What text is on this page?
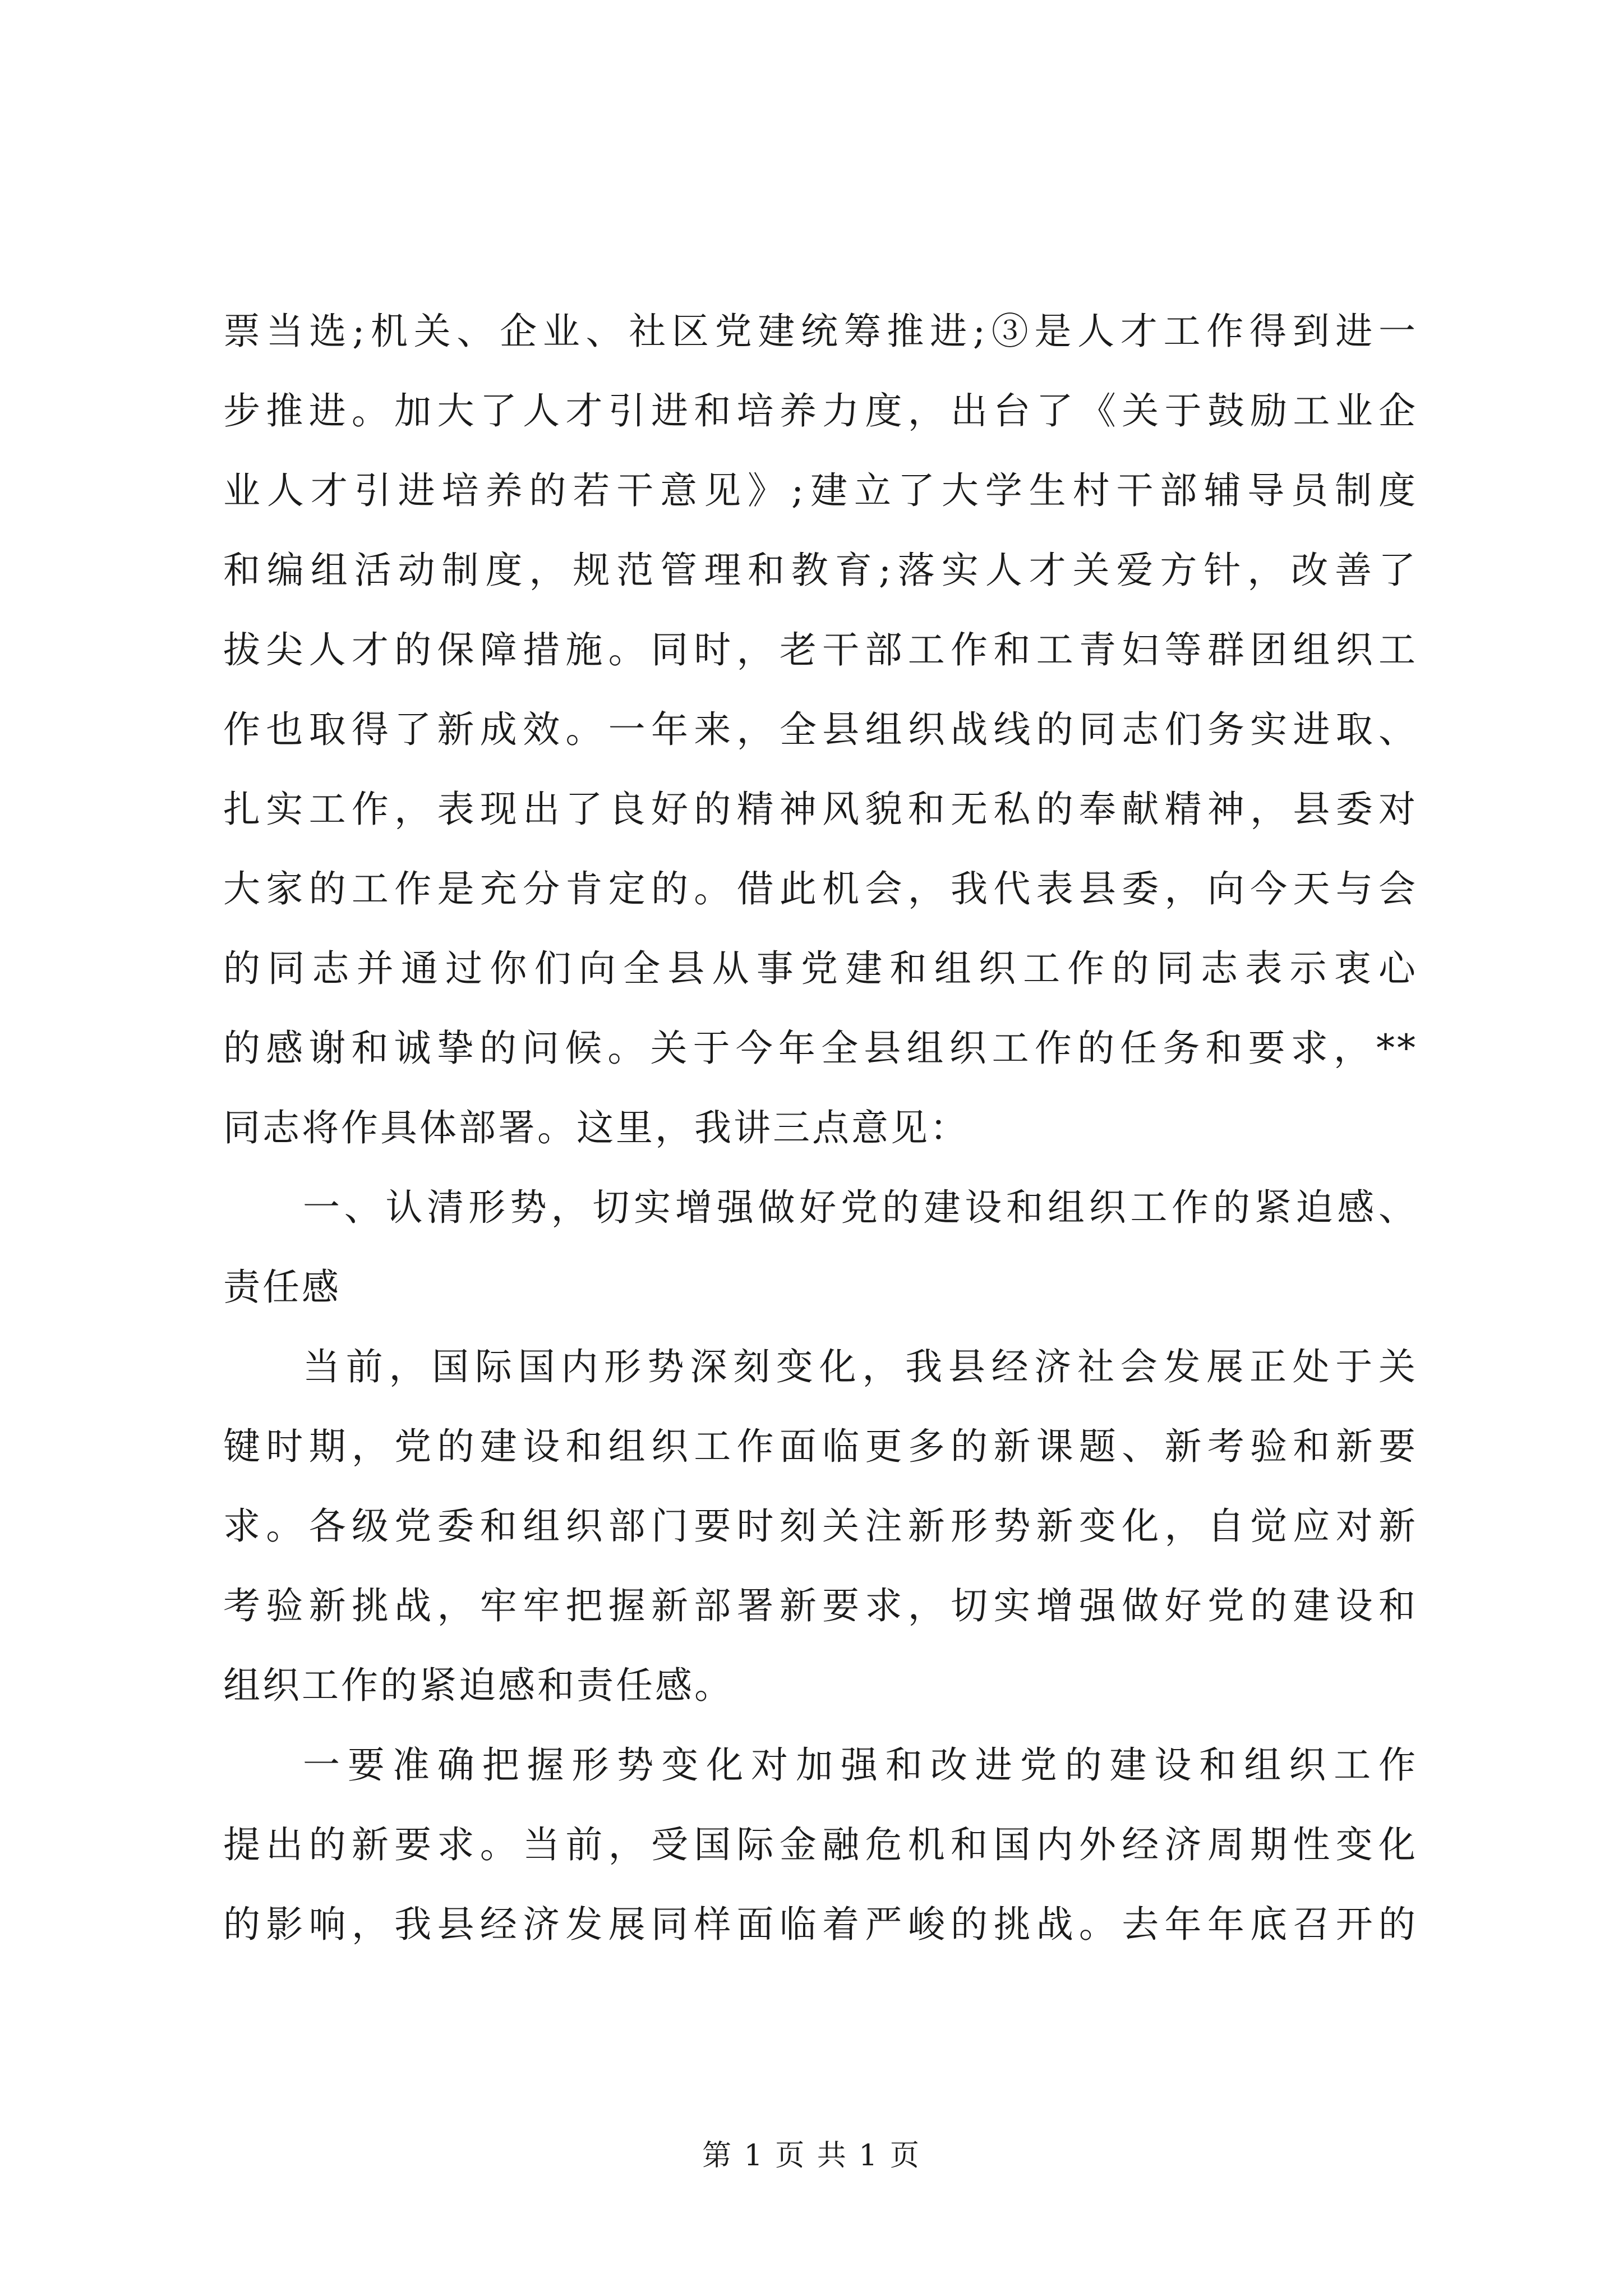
票当选;机关、企业、社区党建统筹推进;③是人才工作得到进一
步推进。加大了人才引进和培养力度，出台了《关于鼓励工业企
业人才引进培养的若干意见》;建立了大学生村干部辅导员制度
和编组活动制度，规范管理和教育;落实人才关爱方针，改善了
拔尖人才的保障措施。同时，老干部工作和工青妇等群团组织工
作也取得了新成效。一年来，全县组织战线的同志们务实进取、
扎实工作，表现出了良好的精神风貌和无私的奉献精神，县委对
大家的工作是充分肯定的。借此机会，我代表县委，向今天与会
的同志并通过你们向全县从事党建和组织工作的同志表示衷心
的感谢和诚挚的问候。关于今年全县组织工作的任务和要求，**
同志将作具体部署。这里，我讲三点意见：
一、认清形势，切实增强做好党的建设和组织工作的紧迫感、
责任感
当前，国际国内形势深刻变化，我县经济社会发展正处于关
键时期，党的建设和组织工作面临更多的新课题、新考验和新要
求。各级党委和组织部门要时刻关注新形势新变化，自觉应对新
考验新挑战，牢牢把握新部署新要求，切实增强做好党的建设和
组织工作的紧迫感和责任感。
一要准确把握形势变化对加强和改进党的建设和组织工作
提出的新要求。当前，受国际金融危机和国内外经济周期性变化
的影响，我县经济发展同样面临着严峻的挑战。去年年底召开的
第 1 页 共 1 页
